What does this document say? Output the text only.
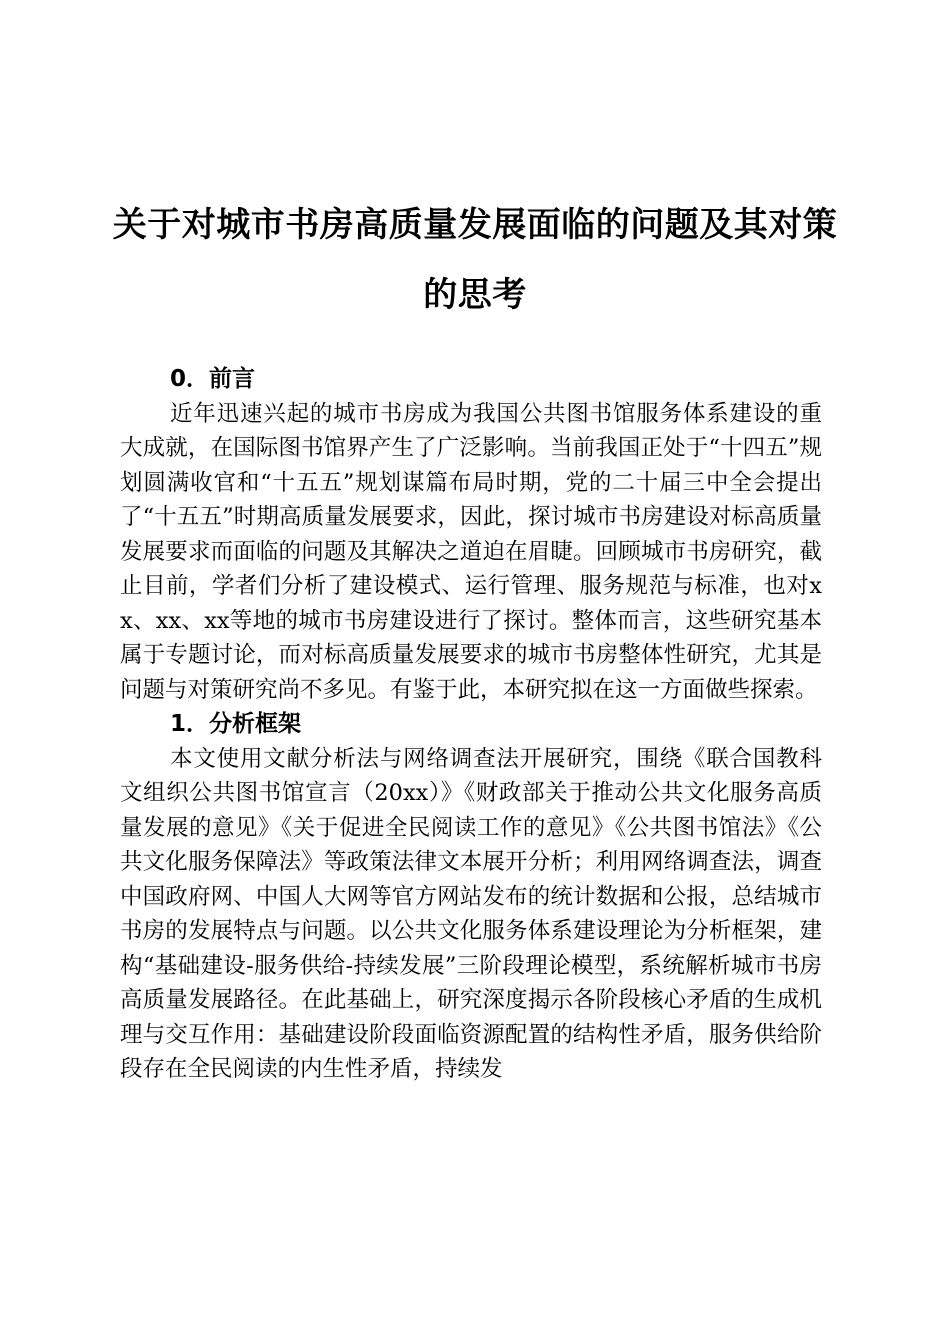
关于对城市书房高质量发展面临的问题及其对策的思考
0．前言

近年迅速兴起的城市书房成为我国公共图书馆服务体系建设的重大成就，在国际图书馆界产生了广泛影响。当前我国正处于“十四五”规划圆满收官和“十五五”规划谋篇布局时期，党的二十届三中全会提出了“十五五”时期高质量发展要求，因此，探讨城市书房建设对标高质量发展要求而面临的问题及其解决之道迫在眉睫。回顾城市书房研究，截止目前，学者们分析了建设模式、运行管理、服务规范与标准，也对xx、xx、xx等地的城市书房建设进行了探讨。整体而言，这些研究基本属于专题讨论，而对标高质量发展要求的城市书房整体性研究，尤其是问题与对策研究尚不多见。有鉴于此，本研究拟在这一方面做些探索。

1．分析框架

本文使用文献分析法与网络调查法开展研究，围绕《联合国教科文组织公共图书馆宣言（20xx）》《财政部关于推动公共文化服务高质量发展的意见》《关于促进全民阅读工作的意见》《公共图书馆法》《公共文化服务保障法》等政策法律文本展开分析；利用网络调查法，调查中国政府网、中国人大网等官方网站发布的统计数据和公报，总结城市书房的发展特点与问题。以公共文化服务体系建设理论为分析框架，建构“基础建设-服务供给-持续发展”三阶段理论模型，系统解析城市书房高质量发展路径。在此基础上，研究深度揭示各阶段核心矛盾的生成机理与交互作用：基础建设阶段面临资源配置的结构性矛盾，服务供给阶段存在全民阅读的内生性矛盾，持续发
